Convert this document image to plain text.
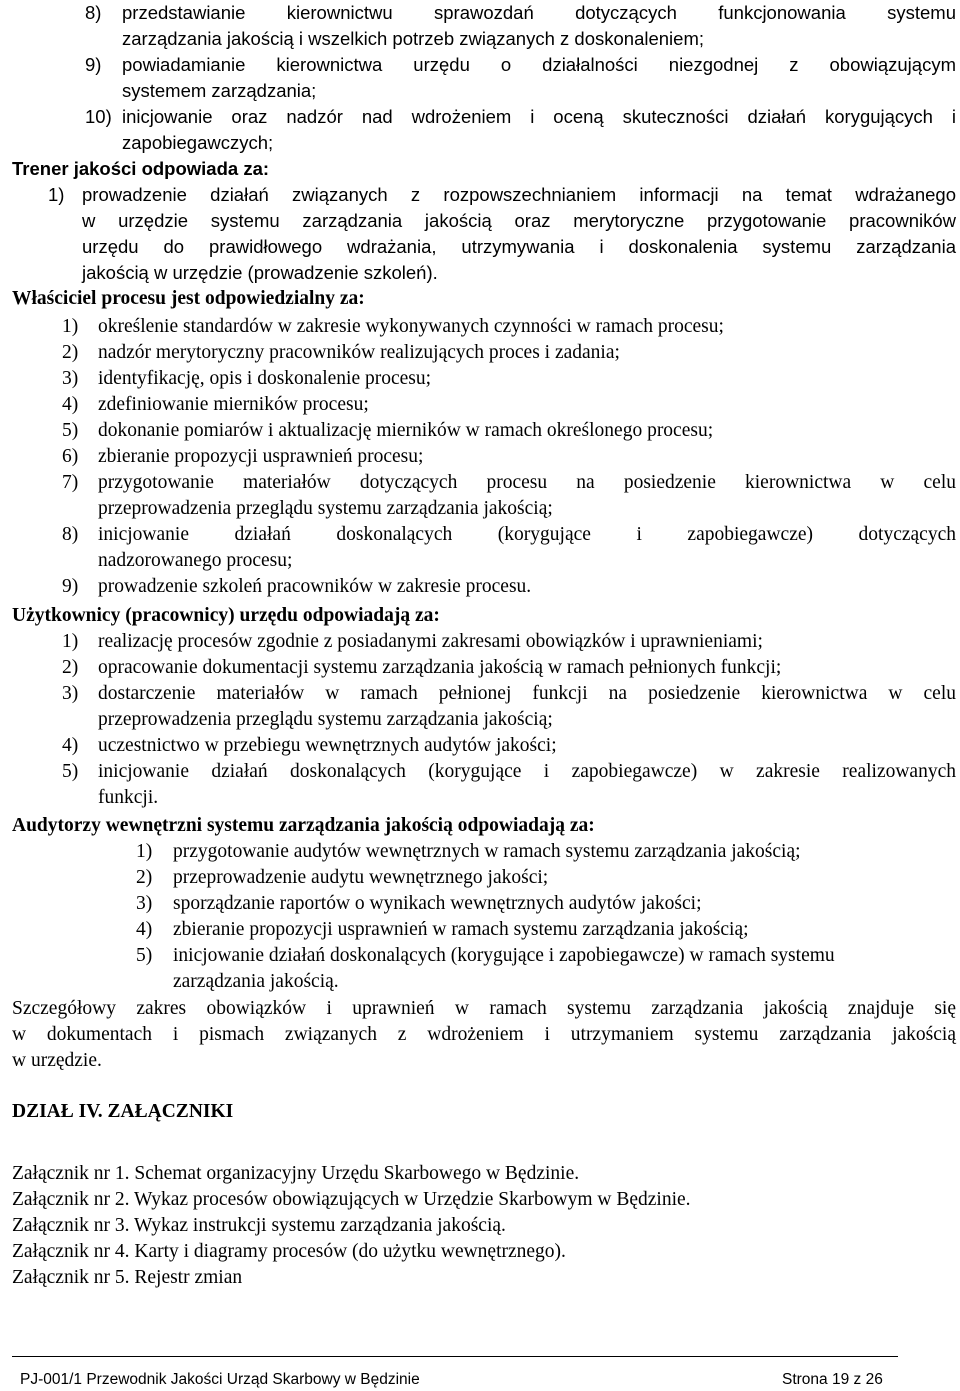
8) przedstawianie kierownictwu sprawozdań dotyczących funkcjonowania systemu
zarządzania jakością i wszelkich potrzeb związanych z doskonaleniem;
9) powiadamianie kierownictwa urzędu o działalności niezgodnej z obowiązującym
systemem zarządzania;
10) inicjowanie oraz nadzór nad wdrożeniem i oceną skuteczności działań korygujących i
zapobiegawczych;
Trener jakości odpowiada za:
1) prowadzenie działań związanych z rozpowszechnianiem informacji na temat wdrażanego
w urzędzie systemu zarządzania jakością oraz merytoryczne przygotowanie pracowników
urzędu do prawidłowego wdrażania, utrzymywania i doskonalenia systemu zarządzania
jakością w urzędzie (prowadzenie szkoleń).
Właściciel procesu jest odpowiedzialny za:
1) określenie standardów w zakresie wykonywanych czynności w ramach procesu;
2) nadzór merytoryczny pracowników realizujących proces i zadania;
3) identyfikację, opis i doskonalenie procesu;
4) zdefiniowanie mierników procesu;
5) dokonanie pomiarów i aktualizację mierników w ramach określonego procesu;
6) zbieranie propozycji usprawnień procesu;
7) przygotowanie materiałów dotyczących procesu na posiedzenie kierownictwa w celu
przeprowadzenia przeglądu systemu zarządzania jakością;
8) inicjowanie działań doskonalących (korygujące i zapobiegawcze) dotyczących
nadzorowanego procesu;
9) prowadzenie szkoleń pracowników w zakresie procesu.
Użytkownicy (pracownicy) urzędu odpowiadają za:
1) realizację procesów zgodnie z posiadanymi zakresami obowiązków i uprawnieniami;
2) opracowanie dokumentacji systemu zarządzania jakością w ramach pełnionych funkcji;
3) dostarczenie materiałów w ramach pełnionej funkcji na posiedzenie kierownictwa w celu
przeprowadzenia przeglądu systemu zarządzania jakością;
4) uczestnictwo w przebiegu wewnętrznych audytów jakości;
5) inicjowanie działań doskonalących (korygujące i zapobiegawcze) w zakresie realizowanych
funkcji.
Audytorzy wewnętrzni systemu zarządzania jakością odpowiadają za:
1) przygotowanie audytów wewnętrznych w ramach systemu zarządzania jakością;
2) przeprowadzenie audytu wewnętrznego jakości;
3) sporządzanie raportów o wynikach wewnętrznych audytów jakości;
4) zbieranie propozycji usprawnień w ramach systemu zarządzania jakością;
5) inicjowanie działań doskonalących (korygujące i zapobiegawcze) w ramach systemu
zarządzania jakością.
Szczegółowy zakres obowiązków i uprawnień w ramach systemu zarządzania jakością znajduje się
w dokumentach i pismach związanych z wdrożeniem i utrzymaniem systemu zarządzania jakością
w urzędzie.
DZIAŁ IV. ZAŁĄCZNIKI
Załącznik nr 1. Schemat organizacyjny Urzędu Skarbowego w Będzinie.
Załącznik nr 2. Wykaz procesów obowiązujących w Urzędzie Skarbowym w Będzinie.
Załącznik nr 3. Wykaz instrukcji systemu zarządzania jakością.
Załącznik nr 4. Karty i diagramy procesów (do użytku wewnętrznego).
Załącznik nr 5. Rejestr zmian
PJ-001/1 Przewodnik Jakości Urząd Skarbowy w Będzinie	Strona 19 z 26
